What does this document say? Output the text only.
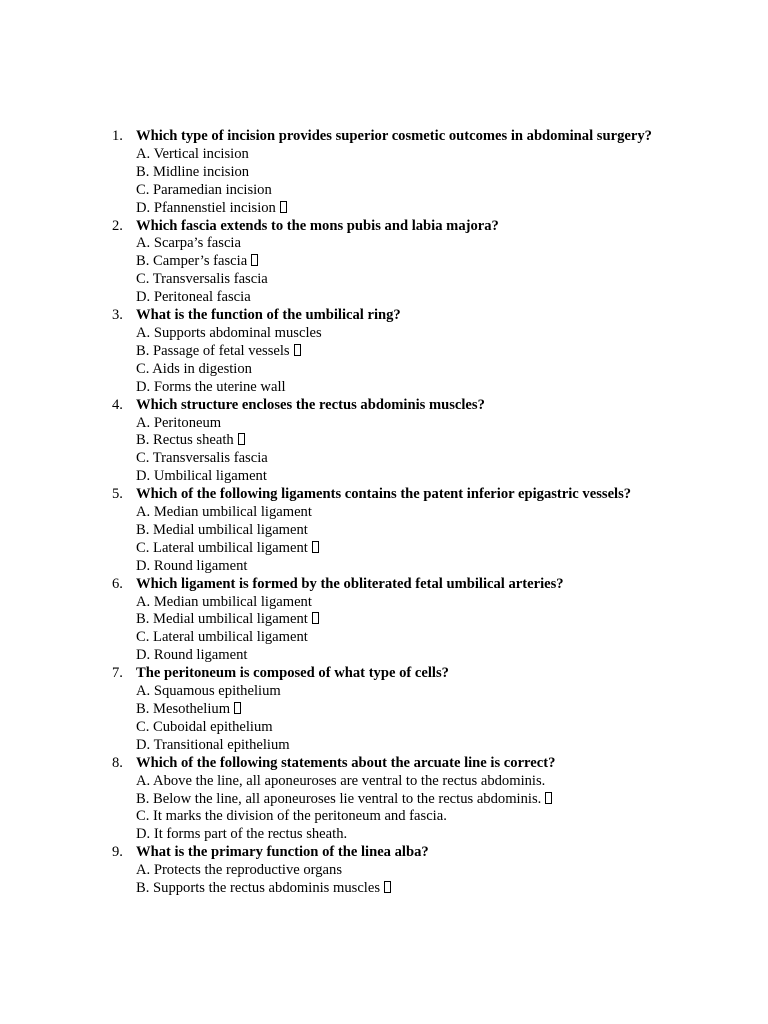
1. Which type of incision provides superior cosmetic outcomes in abdominal surgery?
A. Vertical incision
B. Midline incision
C. Paramedian incision
D. Pfannenstiel incision
2. Which fascia extends to the mons pubis and labia majora?
A. Scarpa’s fascia
B. Camper’s fascia
C. Transversalis fascia
D. Peritoneal fascia
3. What is the function of the umbilical ring?
A. Supports abdominal muscles
B. Passage of fetal vessels
C. Aids in digestion
D. Forms the uterine wall
4. Which structure encloses the rectus abdominis muscles?
A. Peritoneum
B. Rectus sheath
C. Transversalis fascia
D. Umbilical ligament
5. Which of the following ligaments contains the patent inferior epigastric vessels?
A. Median umbilical ligament
B. Medial umbilical ligament
C. Lateral umbilical ligament
D. Round ligament
6. Which ligament is formed by the obliterated fetal umbilical arteries?
A. Median umbilical ligament
B. Medial umbilical ligament
C. Lateral umbilical ligament
D. Round ligament
7. The peritoneum is composed of what type of cells?
A. Squamous epithelium
B. Mesothelium
C. Cuboidal epithelium
D. Transitional epithelium
8. Which of the following statements about the arcuate line is correct?
A. Above the line, all aponeuroses are ventral to the rectus abdominis.
B. Below the line, all aponeuroses lie ventral to the rectus abdominis.
C. It marks the division of the peritoneum and fascia.
D. It forms part of the rectus sheath.
9. What is the primary function of the linea alba?
A. Protects the reproductive organs
B. Supports the rectus abdominis muscles
